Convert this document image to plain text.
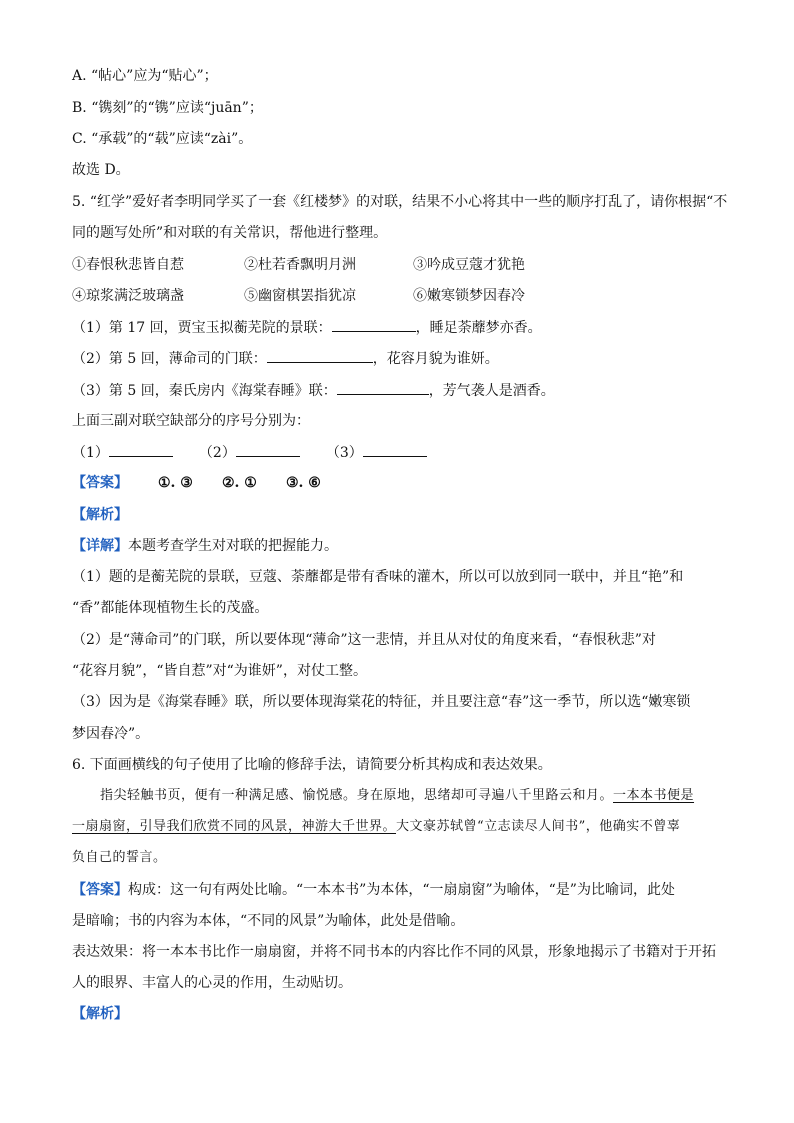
A. “帖心”应为“贴心”；
B. “镌刻”的“镌”应读“juān”；
C. “承载”的“载”应读“zài”。
故选 D。
5. “红学”爱好者李明同学买了一套《红楼梦》的对联，结果不小心将其中一些的顺序打乱了，请你根据“不
同的题写处所”和对联的有关常识，帮他进行整理。
①春恨秋悲皆自惹	②杜若香飘明月洲	③吟成豆蔻才犹艳
④琼浆满泛玻璃盏	⑤幽窗棋罢指犹凉	⑥嫩寒锁梦因春冷
（1）第 17 回，贾宝玉拟蘅芜院的景联：	，睡足荼蘼梦亦香。
（2）第 5 回，薄命司的门联：	，花容月貌为谁妍。
（3）第 5 回，秦氏房内《海棠春睡》联：	，芳气袭人是酒香。
上面三副对联空缺部分的序号分别为：
（1）	（2）	（3）
【答案】 ①. ③ ②. ① ③. ⑥
【解析】
【详解】本题考查学生对对联的把握能力。
（1）题的是蘅芜院的景联，豆蔻、荼蘼都是带有香味的灌木，所以可以放到同一联中，并且“艳”和
“香”都能体现植物生长的茂盛。
（2）是“薄命司”的门联，所以要体现“薄命”这一悲情，并且从对仗的角度来看，“春恨秋悲”对
“花容月貌”，“皆自惹”对“为谁妍”，对仗工整。
（3）因为是《海棠春睡》联，所以要体现海棠花的特征，并且要注意“春”这一季节，所以选“嫩寒锁
梦因春冷”。
6. 下面画横线的句子使用了比喻的修辞手法，请简要分析其构成和表达效果。
指尖轻触书页，便有一种满足感、愉悦感。身在原地，思绪却可寻遍八千里路云和月。一本本书便是
一扇扇窗，引导我们欣赏不同的风景，神游大千世界。大文豪苏轼曾“立志读尽人间书”，他确实不曾辜
负自己的誓言。
【答案】构成：这一句有两处比喻。“一本本书”为本体，“一扇扇窗”为喻体，“是”为比喻词，此处
是暗喻；书的内容为本体，“不同的风景”为喻体，此处是借喻。
表达效果：将一本本书比作一扇扇窗，并将不同书本的内容比作不同的风景，形象地揭示了书籍对于开拓
人的眼界、丰富人的心灵的作用，生动贴切。
【解析】
